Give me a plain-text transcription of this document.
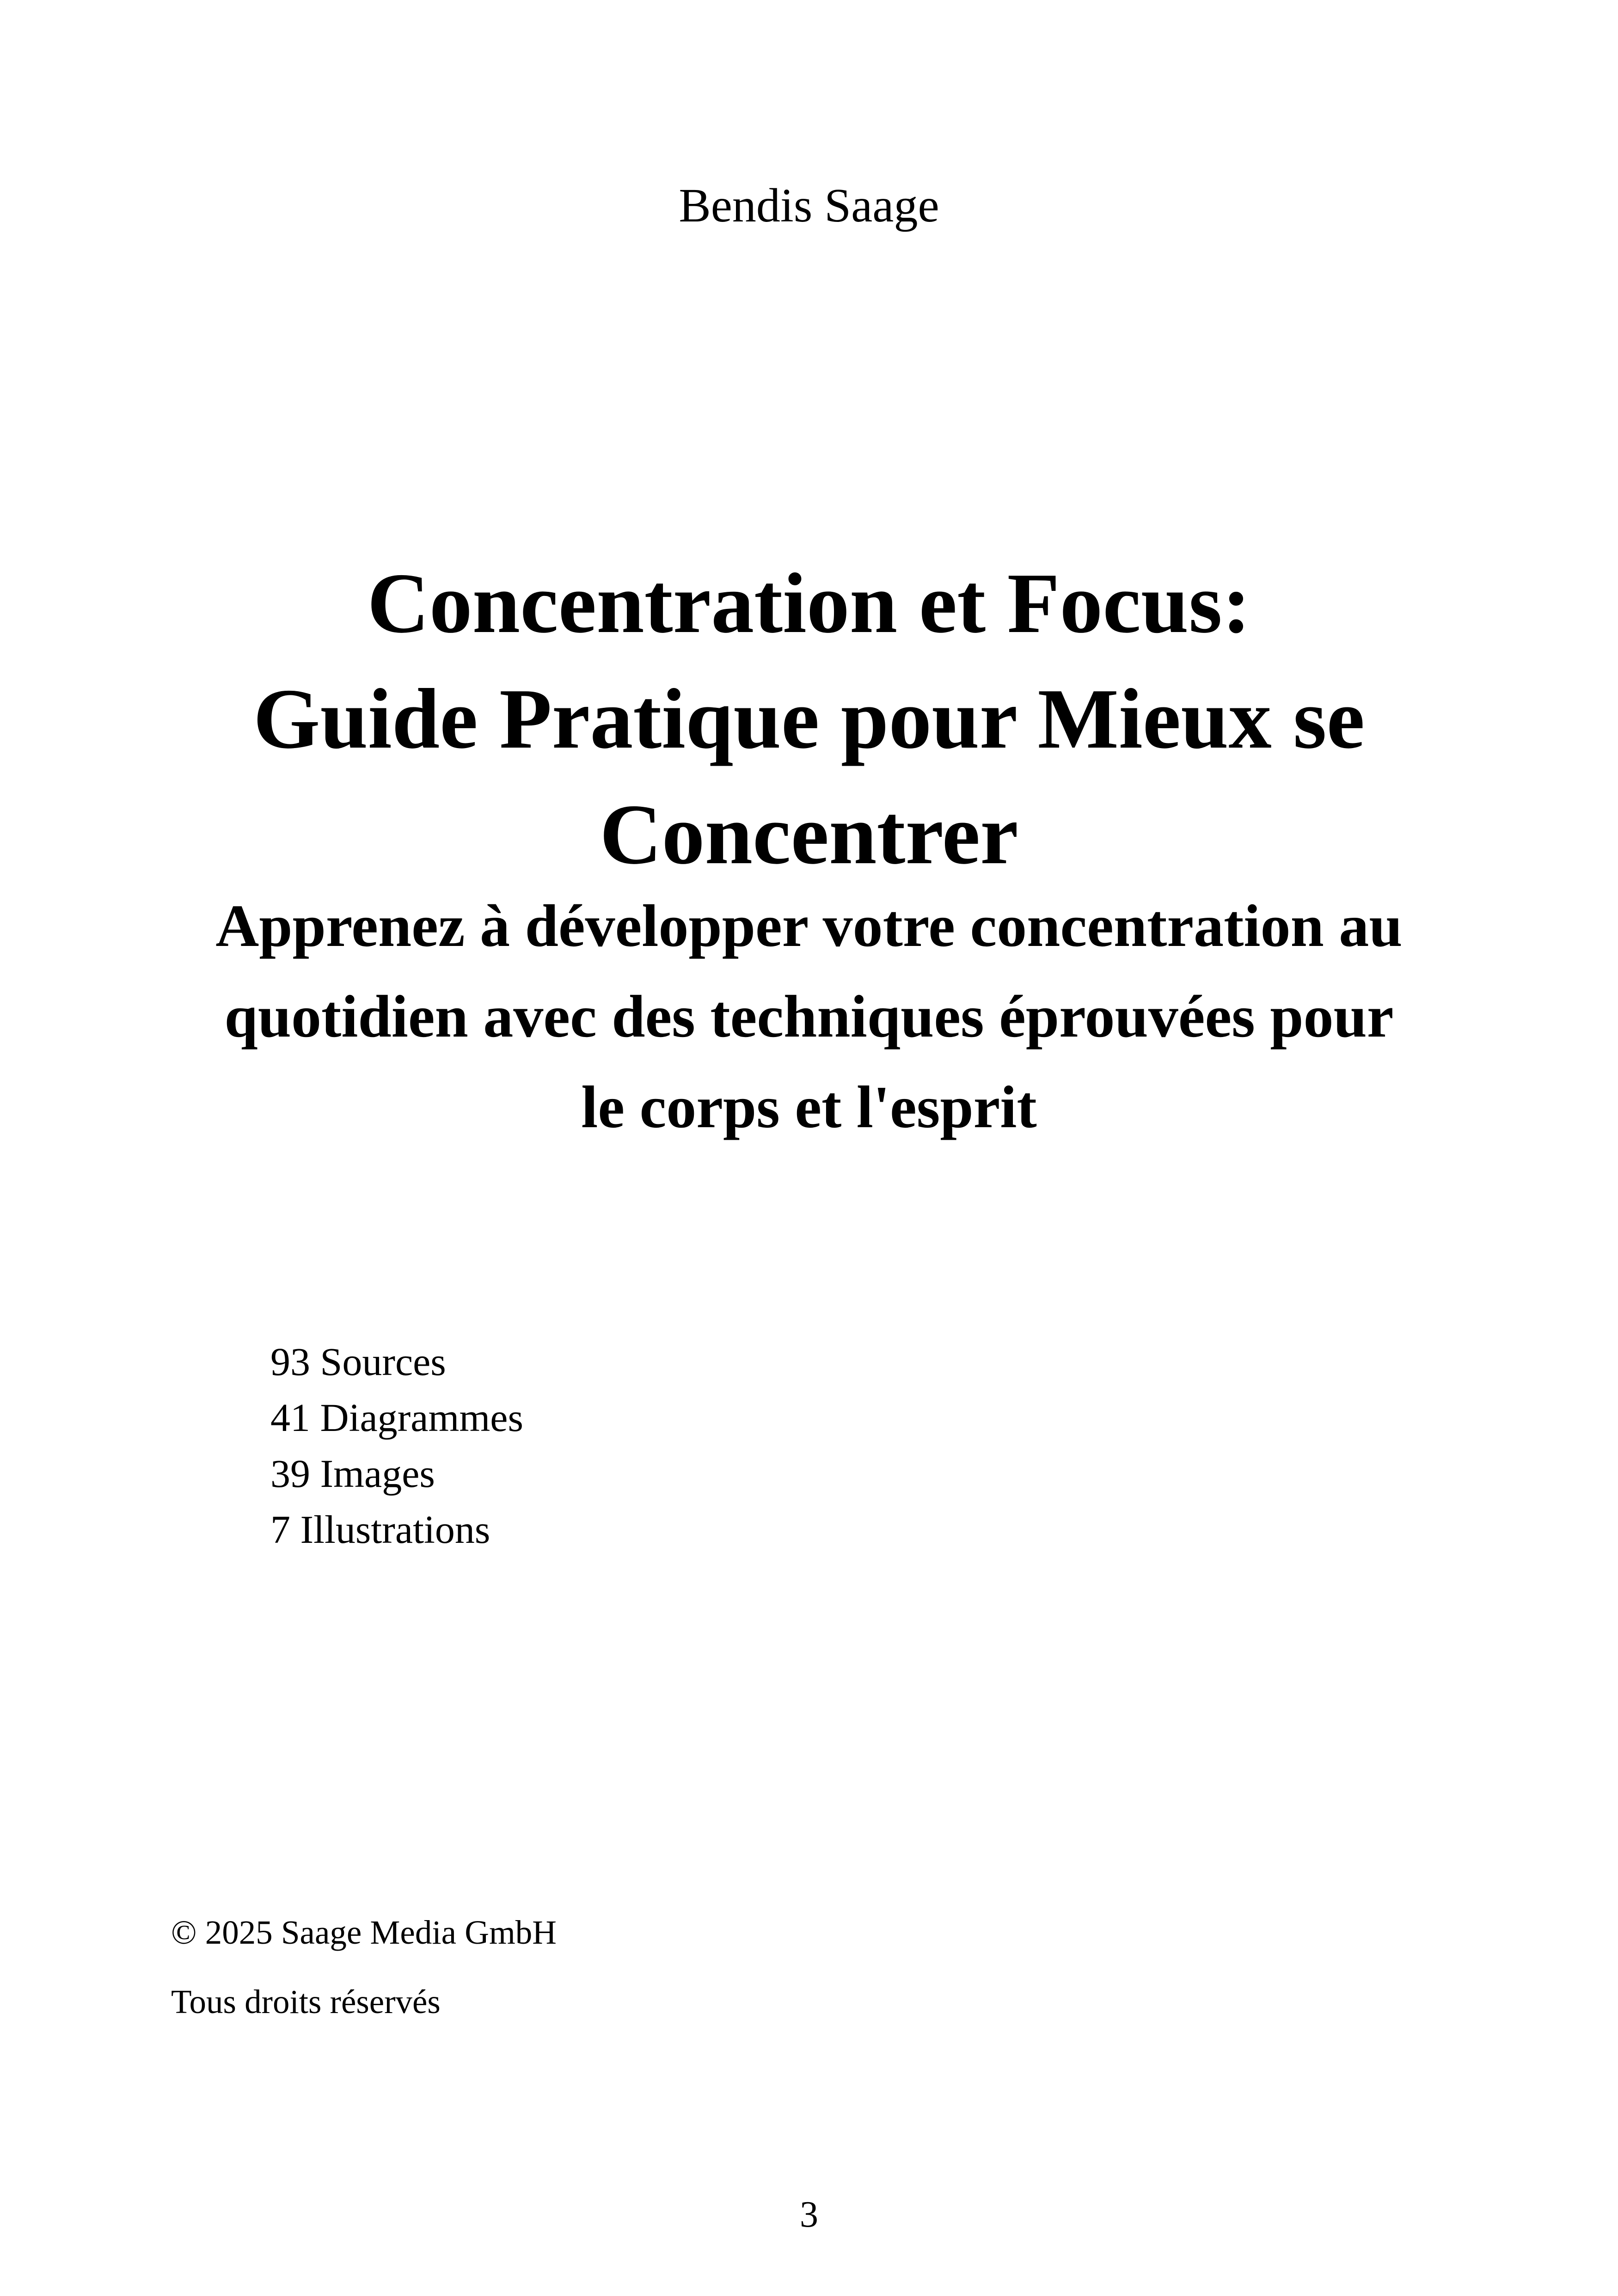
Bendis Saage
Concentration et Focus:
Guide Pratique pour Mieux se
Concentrer
Apprenez à développer votre concentration au
quotidien avec des techniques éprouvées pour
le corps et l'esprit
93 Sources
41 Diagrammes
39 Images
7 Illustrations
© 2025 Saage Media GmbH
Tous droits réservés
3
